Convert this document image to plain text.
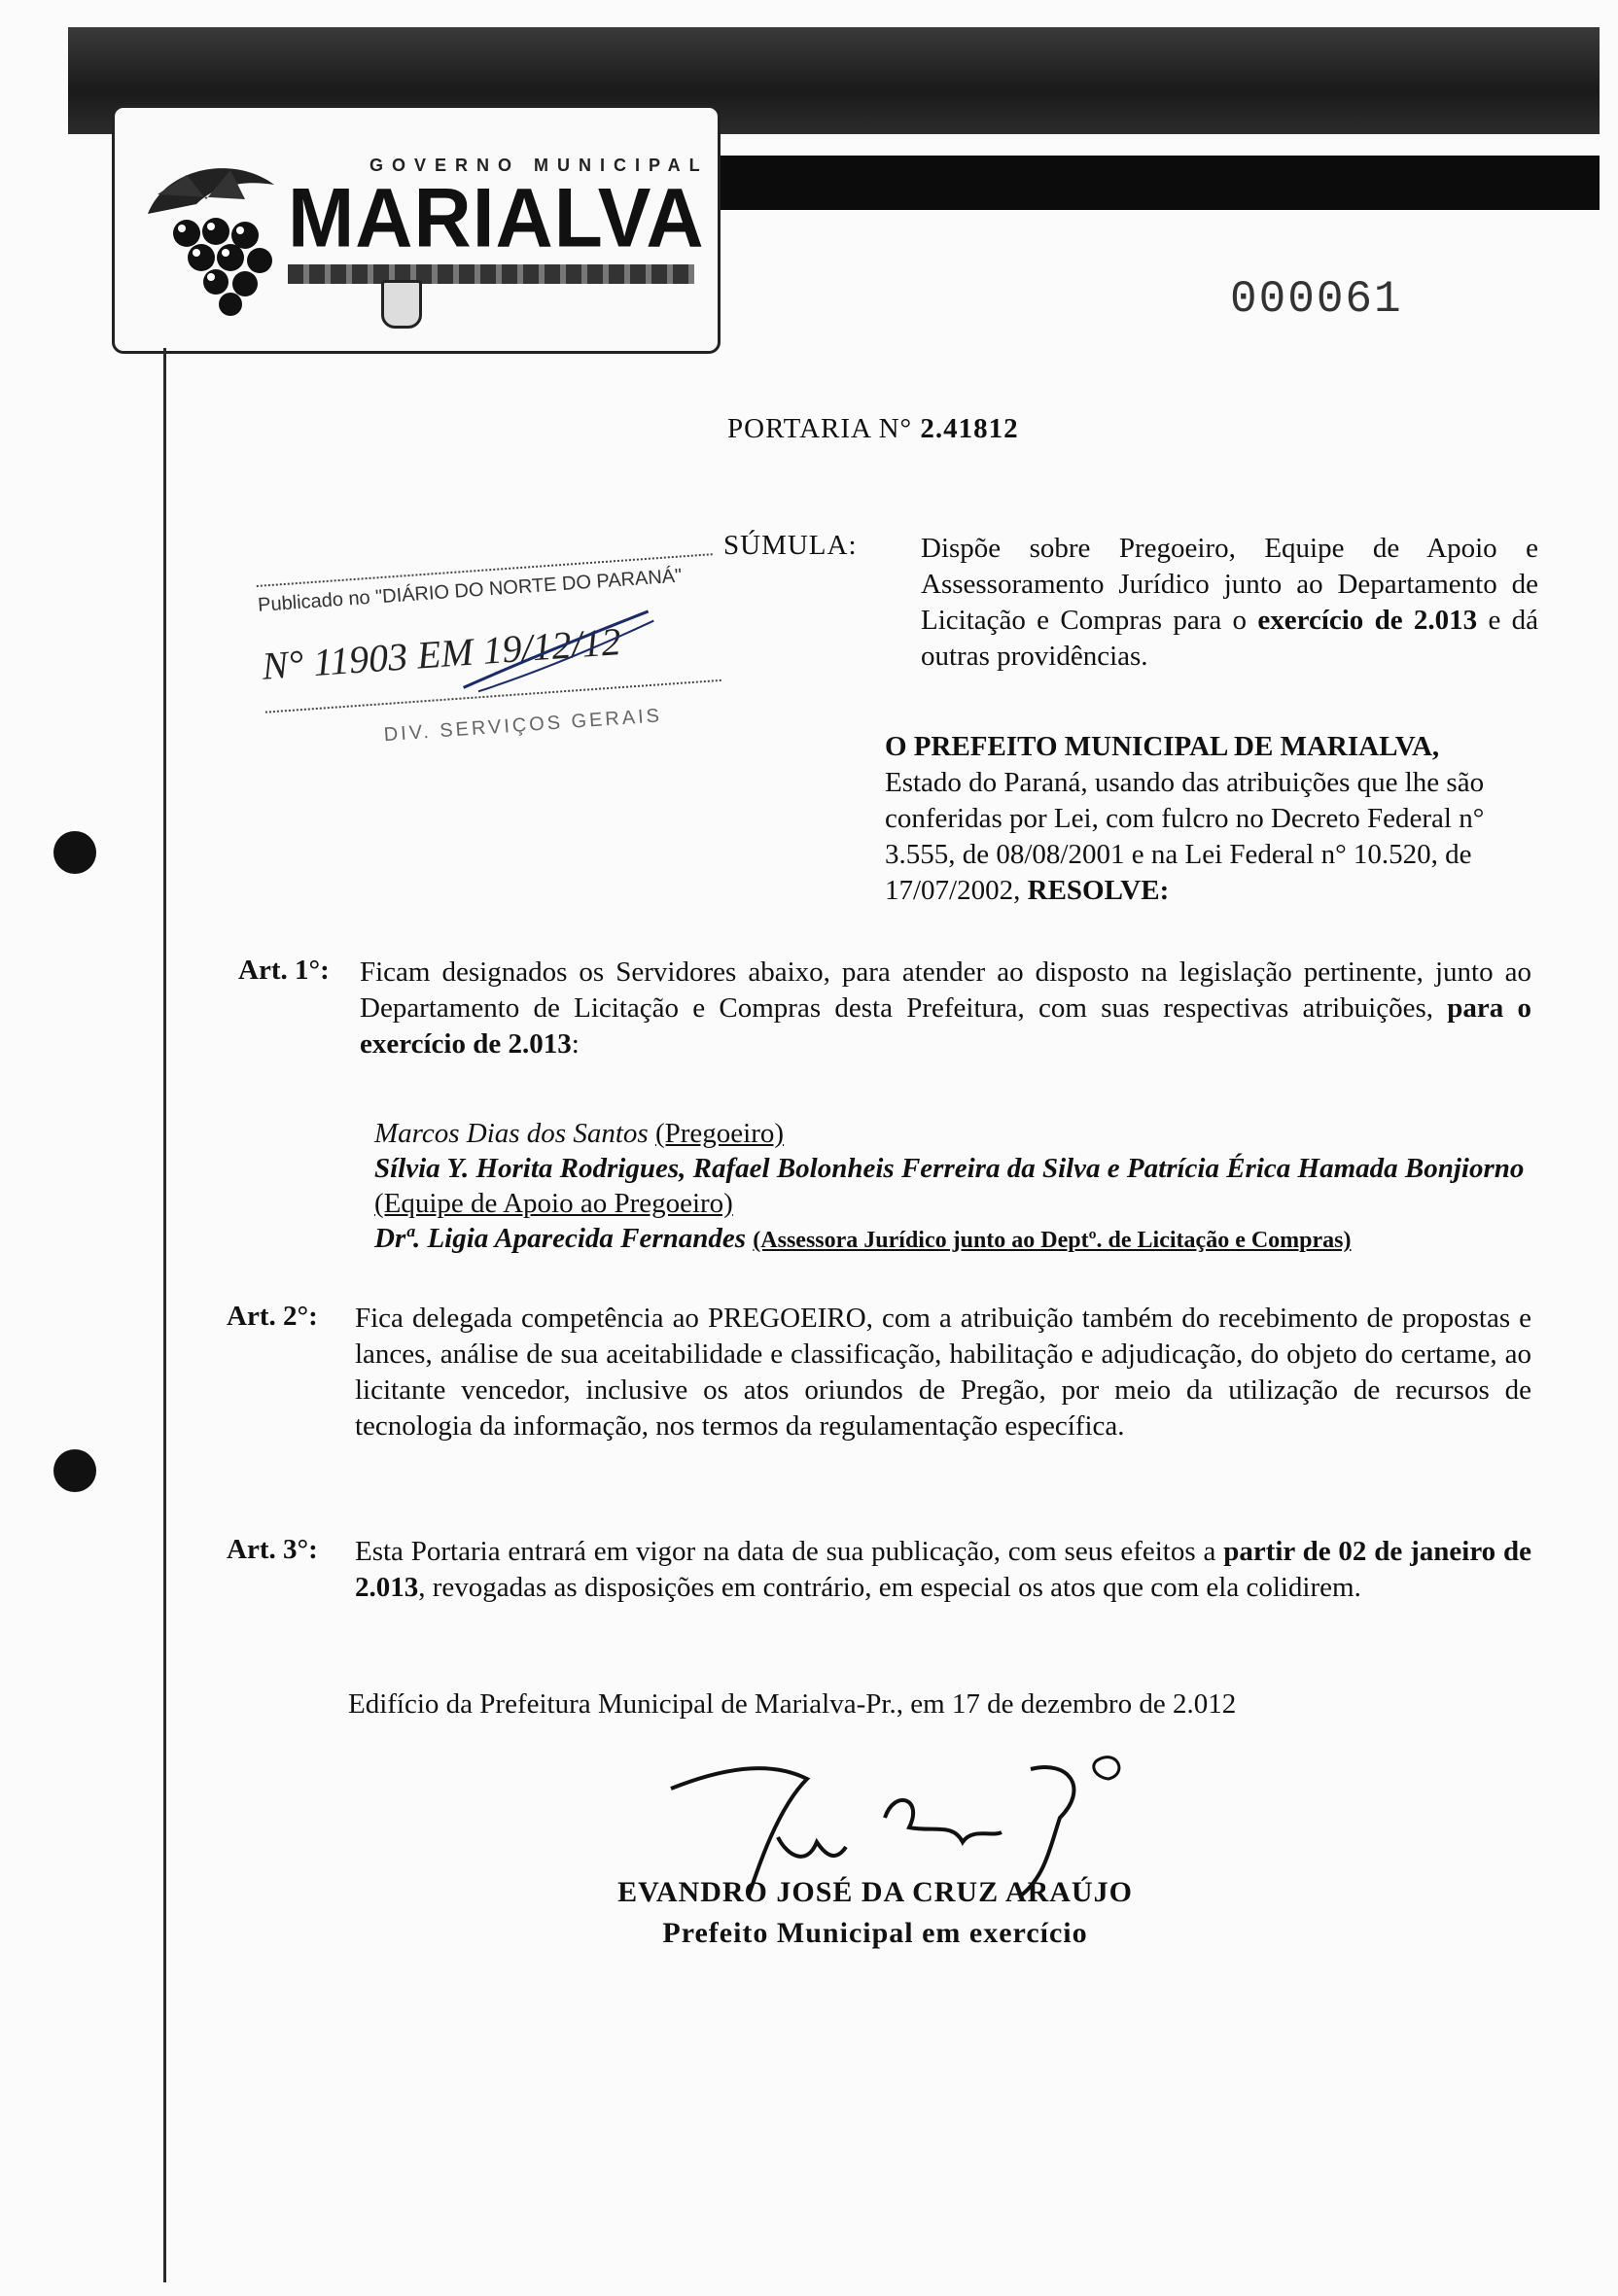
GOVERNO MUNICIPAL
MARIALVA
000061
PORTARIA N° 2.41812
SÚMULA: Dispõe sobre Pregoeiro, Equipe de Apoio e Assessoramento Jurídico junto ao Departamento de Licitação e Compras para o exercício de 2.013 e dá outras providências.
Publicado no "DIÁRIO DO NORTE DO PARANÁ"
N° 11903 EM 19/12/12
DIV. SERVIÇOS GERAIS
O PREFEITO MUNICIPAL DE MARIALVA,
Estado do Paraná, usando das atribuições que lhe são conferidas por Lei, com fulcro no Decreto Federal n° 3.555, de 08/08/2001 e na Lei Federal n° 10.520, de 17/07/2002, RESOLVE:
Art. 1°: Ficam designados os Servidores abaixo, para atender ao disposto na legislação pertinente, junto ao Departamento de Licitação e Compras desta Prefeitura, com suas respectivas atribuições, para o exercício de 2.013:
Marcos Dias dos Santos (Pregoeiro)
Sílvia Y. Horita Rodrigues, Rafael Bolonheis Ferreira da Silva e Patrícia Érica Hamada Bonjiorno (Equipe de Apoio ao Pregoeiro)
Drª. Ligia Aparecida Fernandes (Assessora Jurídico junto ao Deptº. de Licitação e Compras)
Art. 2°: Fica delegada competência ao PREGOEIRO, com a atribuição também do recebimento de propostas e lances, análise de sua aceitabilidade e classificação, habilitação e adjudicação, do objeto do certame, ao licitante vencedor, inclusive os atos oriundos de Pregão, por meio da utilização de recursos de tecnologia da informação, nos termos da regulamentação específica.
Art. 3°: Esta Portaria entrará em vigor na data de sua publicação, com seus efeitos a partir de 02 de janeiro de 2.013, revogadas as disposições em contrário, em especial os atos que com ela colidirem.
Edifício da Prefeitura Municipal de Marialva-Pr., em 17 de dezembro de 2.012
EVANDRO JOSÉ DA CRUZ ARAÚJO
Prefeito Municipal em exercício
